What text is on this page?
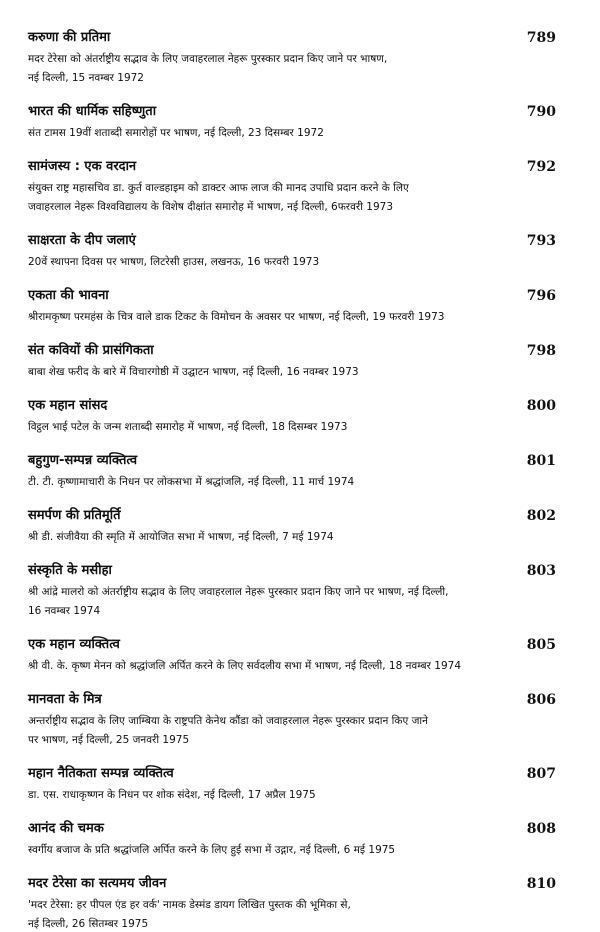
करुणा की प्रतिमा	789
मदर टेरेसा को अंतर्राष्ट्रीय सद्भाव के लिए जवाहरलाल नेहरू पुरस्कार प्रदान किए जाने पर भाषण,
नई दिल्ली, 15 नवम्बर 1972
भारत की धार्मिक सहिष्णुता	790
संत टामस 19वीं शताब्दी समारोहों पर भाषण, नई दिल्ली, 23 दिसम्बर 1972
सामंजस्य : एक वरदान	792
संयुक्त राष्ट्र महासचिव डा. कुर्त वाल्डहाइम को डाक्टर आफ लाज की मानद उपाधि प्रदान करने के लिए
जवाहरलाल नेहरू विश्वविद्यालय के विशेष दीक्षांत समारोह में भाषण, नई दिल्ली, 6फरवरी 1973
साक्षरता के दीप जलाएं	793
20वें स्थापना दिवस पर भाषण, लिटरेसी हाउस, लखनऊ, 16 फरवरी 1973
एकता की भावना	796
श्रीरामकृष्ण परमहंस के चित्र वाले डाक टिकट के विमोचन के अवसर पर भाषण, नई दिल्ली, 19 फरवरी 1973
संत कवियों की प्रासंगिकता	798
बाबा शेख फरीद के बारे में विचारगोष्ठी में उद्घाटन भाषण, नई दिल्ली, 16 नवम्बर 1973
एक महान सांसद	800
विट्ठल भाई पटेल के जन्म शताब्दी समारोह में भाषण, नई दिल्ली, 18 दिसम्बर 1973
बहुगुण-सम्पन्न व्यक्तित्व	801
टी. टी. कृष्णामाचारी के निधन पर लोकसभा में श्रद्धांजलि, नई दिल्ली, 11 मार्च 1974
समर्पण की प्रतिमूर्ति	802
श्री डी. संजीवैया की स्मृति में आयोजित सभा में भाषण, नई दिल्ली, 7 मई 1974
संस्कृति के मसीहा	803
श्री आंद्रे मालरो को अंतर्राष्ट्रीय सद्भाव के लिए जवाहरलाल नेहरू पुरस्कार प्रदान किए जाने पर भाषण, नई दिल्ली,
16 नवम्बर 1974
एक महान व्यक्तित्व	805
श्री वी. के. कृष्ण मेनन को श्रद्धांजलि अर्पित करने के लिए सर्वदलीय सभा में भाषण, नई दिल्ली, 18 नवम्बर 1974
मानवता के मित्र	806
अन्तर्राष्ट्रीय सद्भाव के लिए जाम्बिया के राष्ट्रपति केनेथ कौंडा को जवाहरलाल नेहरू पुरस्कार प्रदान किए जाने
पर भाषण, नई दिल्ली, 25 जनवरी 1975
महान नैतिकता सम्पन्न व्यक्तित्व	807
डा. एस. राधाकृष्णन के निधन पर शोक संदेश, नई दिल्ली, 17 अप्रैल 1975
आनंद की चमक	808
स्वर्गीय बजाज के प्रति श्रद्धांजलि अर्पित करने के लिए हुई सभा में उद्गार, नई दिल्ली, 6 मई 1975
मदर टेरेसा का सत्यमय जीवन	810
'मदर टेरेसा: हर पीपल एंड हर वर्क' नामक डेस्मंड डायग लिखित पुस्तक की भूमिका से,
नई दिल्ली, 26 सितम्बर 1975
